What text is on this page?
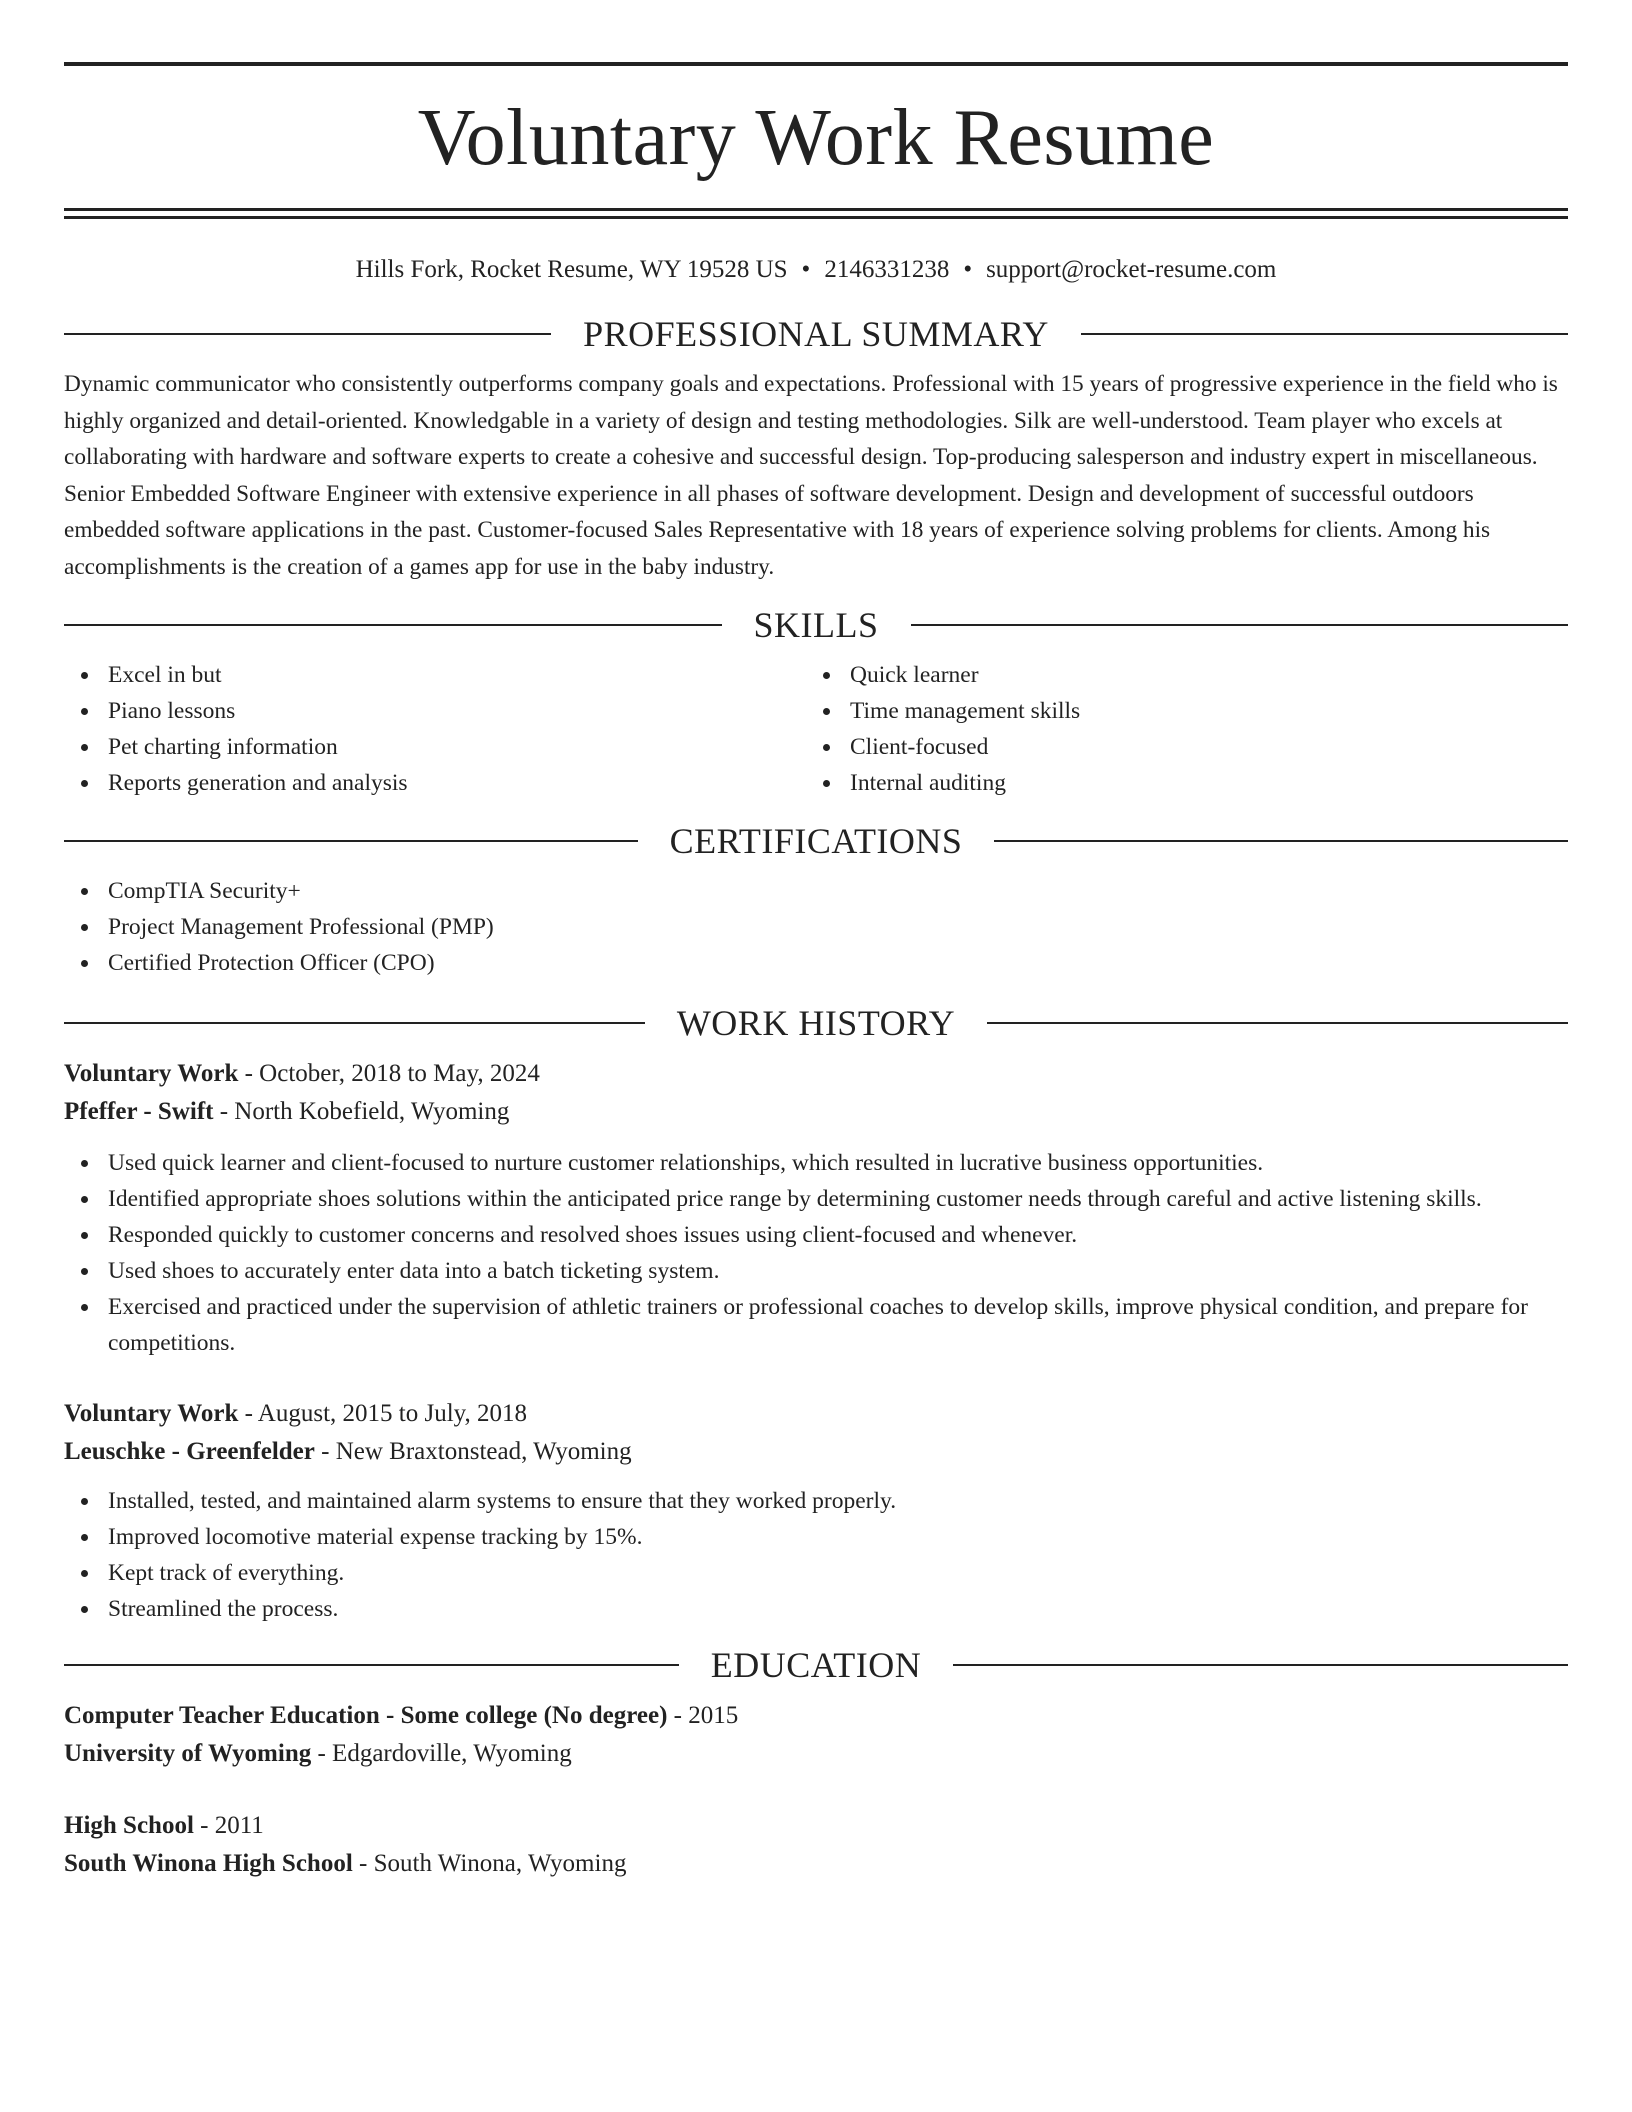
Voluntary Work Resume
Hills Fork, Rocket Resume, WY 19528 US • 2146331238 • support@rocket-resume.com
PROFESSIONAL SUMMARY

Dynamic communicator who consistently outperforms company goals and expectations. Professional with 15 years of progressive experience in the field who is highly organized and detail-oriented. Knowledgable in a variety of design and testing methodologies. Silk are well-understood. Team player who excels at collaborating with hardware and software experts to create a cohesive and successful design. Top-producing salesperson and industry expert in miscellaneous. Senior Embedded Software Engineer with extensive experience in all phases of software development. Design and development of successful outdoors embedded software applications in the past. Customer-focused Sales Representative with 18 years of experience solving problems for clients. Among his accomplishments is the creation of a games app for use in the baby industry.

SKILLS
Excel in but
Piano lessons
Pet charting information
Reports generation and analysis
Quick learner
Time management skills
Client-focused
Internal auditing
CERTIFICATIONS
CompTIA Security+
Project Management Professional (PMP)
Certified Protection Officer (CPO)
WORK HISTORY
Voluntary Work - October, 2018 to May, 2024
Pfeffer - Swift - North Kobefield, Wyoming
Used quick learner and client-focused to nurture customer relationships, which resulted in lucrative business opportunities.
Identified appropriate shoes solutions within the anticipated price range by determining customer needs through careful and active listening skills.
Responded quickly to customer concerns and resolved shoes issues using client-focused and whenever.
Used shoes to accurately enter data into a batch ticketing system.
Exercised and practiced under the supervision of athletic trainers or professional coaches to develop skills, improve physical condition, and prepare for competitions.
Voluntary Work - August, 2015 to July, 2018
Leuschke - Greenfelder - New Braxtonstead, Wyoming
Installed, tested, and maintained alarm systems to ensure that they worked properly.
Improved locomotive material expense tracking by 15%.
Kept track of everything.
Streamlined the process.
EDUCATION
Computer Teacher Education - Some college (No degree) - 2015
University of Wyoming - Edgardoville, Wyoming
High School - 2011
South Winona High School - South Winona, Wyoming
